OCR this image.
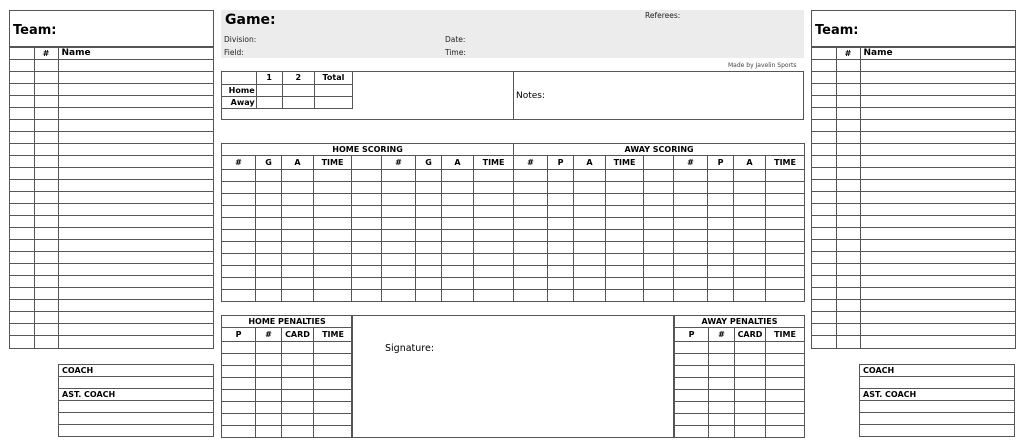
Team:
	#	Name

COACH

AST. COACH

Team:
	#	Name

COACH

AST. COACH

Game:
Division:
Field:
Date:
Time:
Referees:
Made by Javelin Sports
	1	2	Total
Home			
Away			
Notes:
HOME SCORING								
#	G	A	TIME		#	G	A	TIME

AWAY SCORING								
#	P	A	TIME		#	P	A	TIME

Signature:
HOME PENALTIES			
P	#	CARD	TIME

AWAY PENALTIES			
P	#	CARD	TIME
